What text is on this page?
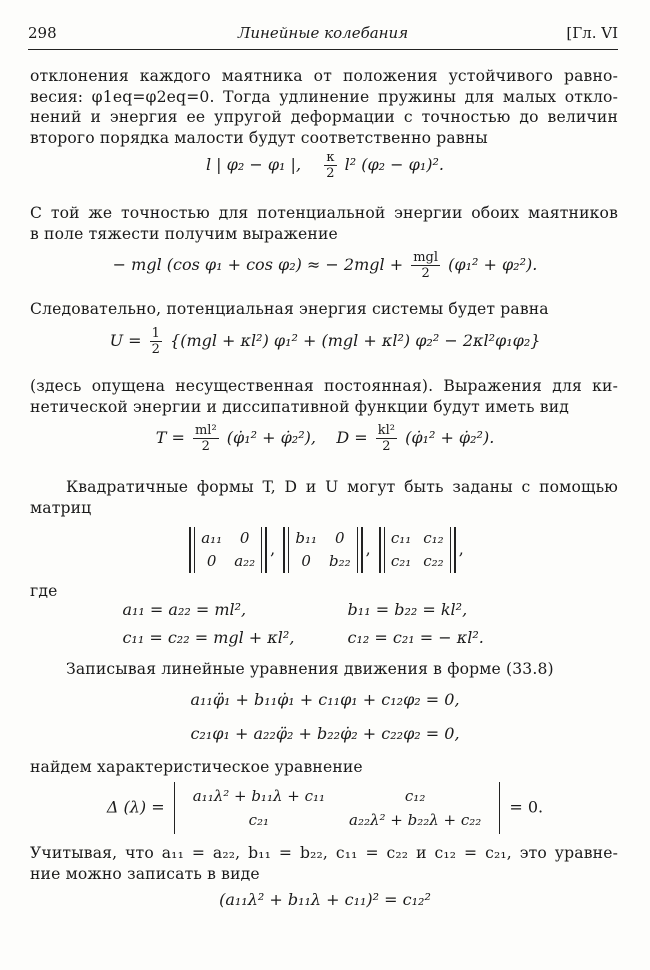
298	Линейные колебания	[Гл. VI
отклонения каждого маятника от положения устойчивого равно-
весия: φ1eq=φ2eq=0. Тогда удлинение пружины для малых откло-
нений и энергия ее упругой деформации с точностью до величин
второго порядка малости будут соответственно равны
l | φ₂ − φ₁ |, $\frac{\kappa}{2} l^2$ (φ₂ − φ₁)².
С той же точностью для потенциальной энергии обоих маятников
в поле тяжести получим выражение
− mgl (cos φ₁ + cos φ₂) ≈ − $2mgl + \frac{\text{mgl}}{2} (\varphi_1^2 + \varphi_2^2)$.
Следовательно, потенциальная энергия системы будет равна
$U = \frac{1}{2} \{(mgl + \kappa l^2) \varphi_1^2 + (mgl + \kappa l^2) \varphi_2^2 - 2\kappa l^2\varphi_1\varphi_2\}$
(здесь опущена несущественная постоянная). Выражения для ки-
нетической энергии и диссипативной функции будут иметь вид
$T = \frac{\text{ml²}}{2}$ (φ̇₁² + φ̇₂²), $D = \frac{\text{kl²}}{2}$ (φ̇₁² + φ̇₂²).
Квадратичные формы T, D и U могут быть заданы с помощью
матриц
a₁₁	0
0	a₂₂
,
b₁₁	0
0	b₂₂
,
c₁₁	c₁₂
c₂₁	c₂₂
,
где
a₁₁ = a₂₂ = ml²,	b₁₁ = b₂₂ = kl²,
c₁₁ = c₂₂ = mgl + κl²,	c₁₂ = c₂₁ = − κl².
Записывая линейные уравнения движения в форме (33.8)
a₁₁φ̈₁ + b₁₁φ̇₁ + c₁₁φ₁ + c₁₂φ₂ = 0,
c₂₁φ₁ + a₂₂φ̈₂ + b₂₂φ̇₂ + c₂₂φ₂ = 0,
найдем характеристическое уравнение
Δ (λ) =
a₁₁λ² + b₁₁λ + c₁₁	c₁₂
c₂₁	a₂₂λ² + b₂₂λ + c₂₂
= 0.
Учитывая, что a₁₁ = a₂₂, b₁₁ = b₂₂, c₁₁ = c₂₂ и c₁₂ = c₂₁, это уравне-
ние можно записать в виде
(a₁₁λ² + b₁₁λ + c₁₁)² = c₁₂²
